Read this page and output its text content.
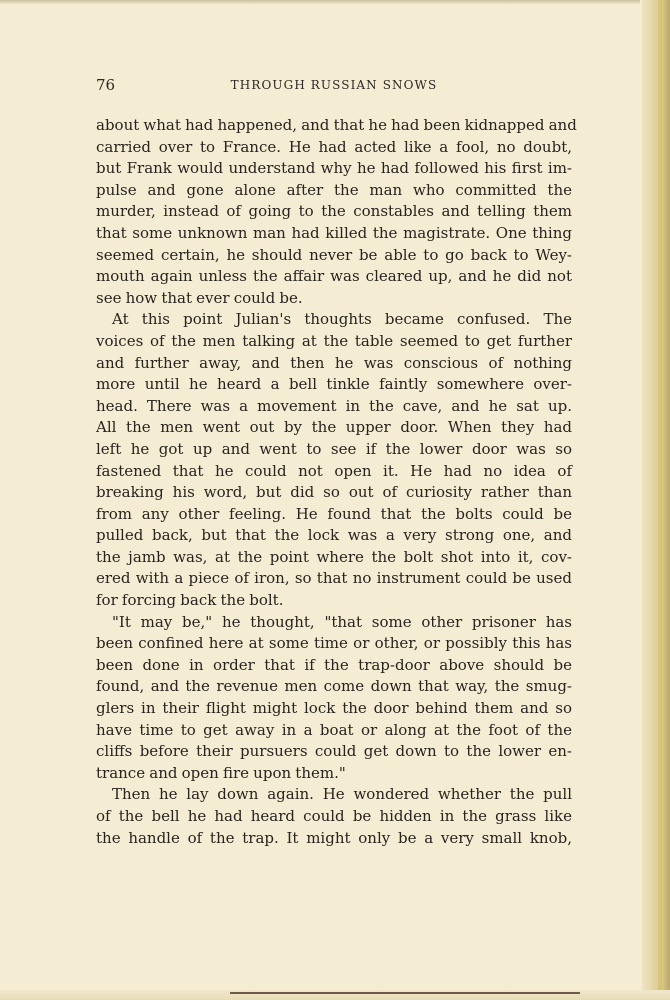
76	THROUGH RUSSIAN SNOWS
about what had happened, and that he had been kidnapped and
carried over to France. He had acted like a fool, no doubt,
but Frank would understand why he had followed his first im-
pulse and gone alone after the man who committed the
murder, instead of going to the constables and telling them
that some unknown man had killed the magistrate. One thing
seemed certain, he should never be able to go back to Wey-
mouth again unless the affair was cleared up, and he did not
see how that ever could be.
At this point Julian's thoughts became confused. The
voices of the men talking at the table seemed to get further
and further away, and then he was conscious of nothing
more until he heard a bell tinkle faintly somewhere over-
head. There was a movement in the cave, and he sat up.
All the men went out by the upper door. When they had
left he got up and went to see if the lower door was so
fastened that he could not open it. He had no idea of
breaking his word, but did so out of curiosity rather than
from any other feeling. He found that the bolts could be
pulled back, but that the lock was a very strong one, and
the jamb was, at the point where the bolt shot into it, cov-
ered with a piece of iron, so that no instrument could be used
for forcing back the bolt.
"It may be," he thought, "that some other prisoner has
been confined here at some time or other, or possibly this has
been done in order that if the trap-door above should be
found, and the revenue men come down that way, the smug-
glers in their flight might lock the door behind them and so
have time to get away in a boat or along at the foot of the
cliffs before their pursuers could get down to the lower en-
trance and open fire upon them."
Then he lay down again. He wondered whether the pull
of the bell he had heard could be hidden in the grass like
the handle of the trap. It might only be a very small knob,
